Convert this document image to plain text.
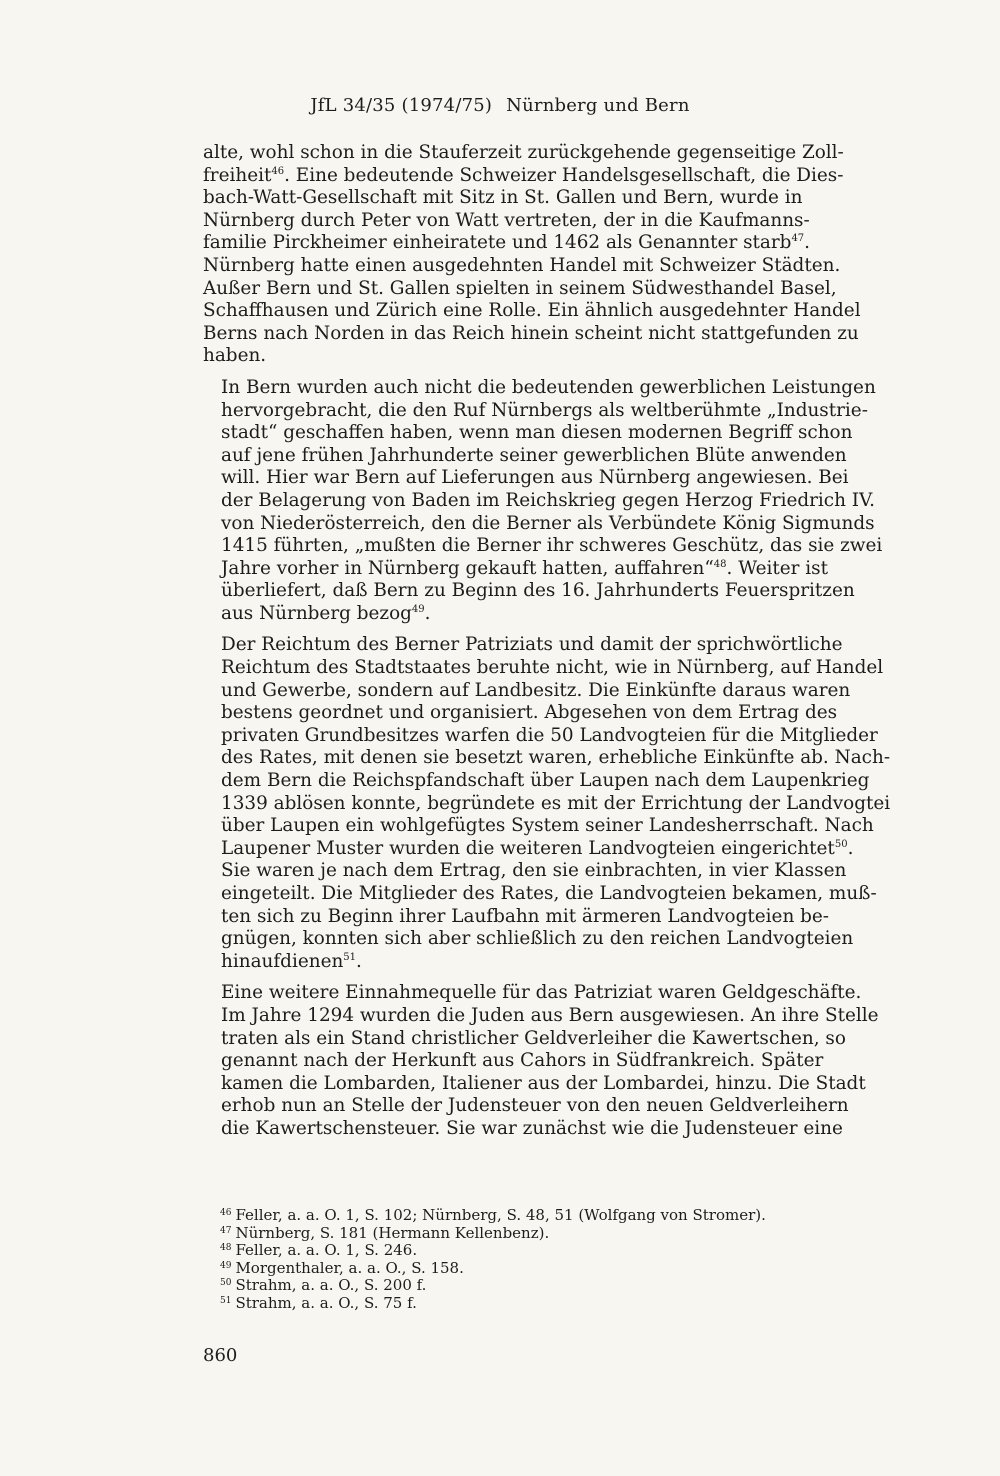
JfL 34/35 (1974/75) Nürnberg und Bern
alte, wohl schon in die Stauferzeit zurückgehende gegenseitige Zoll-
freiheit$^{46}$. Eine bedeutende Schweizer Handelsgesellschaft, die Dies-
bach-Watt-Gesellschaft mit Sitz in St. Gallen und Bern, wurde in
Nürnberg durch Peter von Watt vertreten, der in die Kaufmanns-
familie Pirckheimer einheiratete und 1462 als Genannter starb$^{47}$.
Nürnberg hatte einen ausgedehnten Handel mit Schweizer Städten.
Außer Bern und St. Gallen spielten in seinem Südwesthandel Basel,
Schaffhausen und Zürich eine Rolle. Ein ähnlich ausgedehnter Handel
Berns nach Norden in das Reich hinein scheint nicht stattgefunden zu
haben.
In Bern wurden auch nicht die bedeutenden gewerblichen Leistungen
hervorgebracht, die den Ruf Nürnbergs als weltberühmte „Industrie-
stadt“ geschaffen haben, wenn man diesen modernen Begriff schon
auf jene frühen Jahrhunderte seiner gewerblichen Blüte anwenden
will. Hier war Bern auf Lieferungen aus Nürnberg angewiesen. Bei
der Belagerung von Baden im Reichskrieg gegen Herzog Friedrich IV.
von Niederösterreich, den die Berner als Verbündete König Sigmunds
1415 führten, „mußten die Berner ihr schweres Geschütz, das sie zwei
Jahre vorher in Nürnberg gekauft hatten, auffahren“$^{48}$. Weiter ist
überliefert, daß Bern zu Beginn des 16. Jahrhunderts Feuerspritzen
aus Nürnberg bezog$^{49}$.
Der Reichtum des Berner Patriziats und damit der sprichwörtliche
Reichtum des Stadtstaates beruhte nicht, wie in Nürnberg, auf Handel
und Gewerbe, sondern auf Landbesitz. Die Einkünfte daraus waren
bestens geordnet und organisiert. Abgesehen von dem Ertrag des
privaten Grundbesitzes warfen die 50 Landvogteien für die Mitglieder
des Rates, mit denen sie besetzt waren, erhebliche Einkünfte ab. Nach-
dem Bern die Reichspfandschaft über Laupen nach dem Laupenkrieg
1339 ablösen konnte, begründete es mit der Errichtung der Landvogtei
über Laupen ein wohlgefügtes System seiner Landesherrschaft. Nach
Laupener Muster wurden die weiteren Landvogteien eingerichtet$^{50}$.
Sie waren je nach dem Ertrag, den sie einbrachten, in vier Klassen
eingeteilt. Die Mitglieder des Rates, die Landvogteien bekamen, muß-
ten sich zu Beginn ihrer Laufbahn mit ärmeren Landvogteien be-
gnügen, konnten sich aber schließlich zu den reichen Landvogteien
hinaufdienen$^{51}$.
Eine weitere Einnahmequelle für das Patriziat waren Geldgeschäfte.
Im Jahre 1294 wurden die Juden aus Bern ausgewiesen. An ihre Stelle
traten als ein Stand christlicher Geldverleiher die Kawertschen, so
genannt nach der Herkunft aus Cahors in Südfrankreich. Später
kamen die Lombarden, Italiener aus der Lombardei, hinzu. Die Stadt
erhob nun an Stelle der Judensteuer von den neuen Geldverleihern
die Kawertschensteuer. Sie war zunächst wie die Judensteuer eine
$^{46}$ Feller, a. a. O. 1, S. 102; Nürnberg, S. 48, 51 (Wolfgang von Stromer).
$^{47}$ Nürnberg, S. 181 (Hermann Kellenbenz).
$^{48}$ Feller, a. a. O. 1, S. 246.
$^{49}$ Morgenthaler, a. a. O., S. 158.
$^{50}$ Strahm, a. a. O., S. 200 f.
$^{51}$ Strahm, a. a. O., S. 75 f.
860
